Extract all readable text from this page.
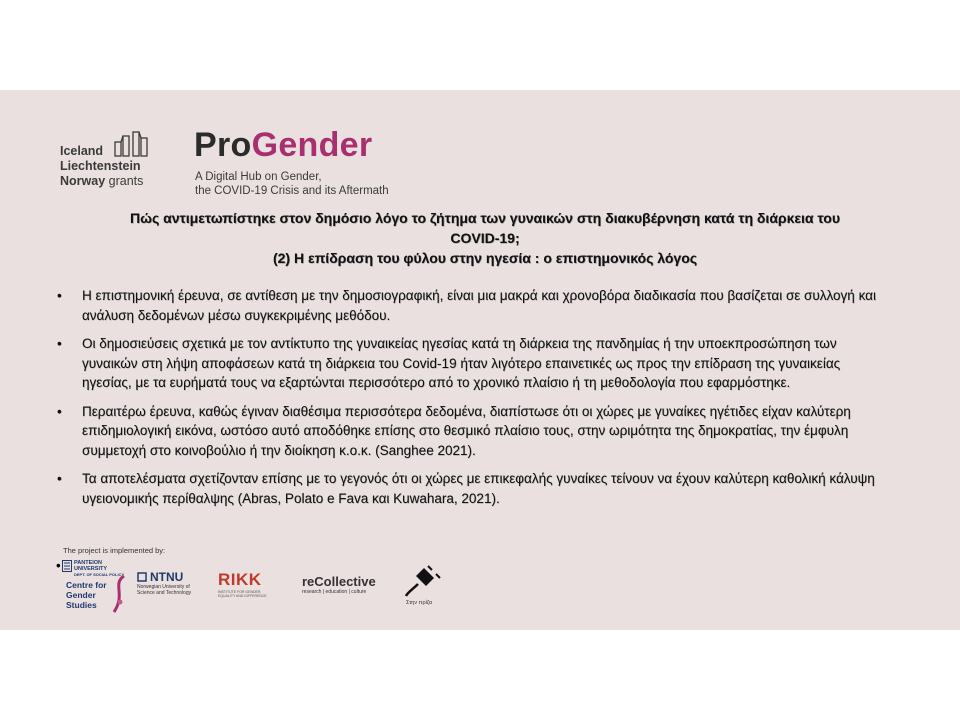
Iceland
Liechtenstein
Norway grants
ProGender
A Digital Hub on Gender,
the COVID-19 Crisis and its Aftermath
Πώς αντιμετωπίστηκε στον δημόσιο λόγο το ζήτημα των γυναικών στη διακυβέρνηση κατά τη διάρκεια του
COVID-19;
(2) Η επίδραση του φύλου στην ηγεσία : ο επιστημονικός λόγος
• Η επιστημονική έρευνα, σε αντίθεση με την δημοσιογραφική, είναι μια μακρά και χρονοβόρα διαδικασία που βασίζεται σε συλλογή και ανάλυση δεδομένων μέσω συγκεκριμένης μεθόδου.
• Οι δημοσιεύσεις σχετικά με τον αντίκτυπο της γυναικείας ηγεσίας κατά τη διάρκεια της πανδημίας ή την υποεκπροσώπηση των γυναικών στη λήψη αποφάσεων κατά τη διάρκεια του Covid-19 ήταν λιγότερο επαινετικές ως προς την επίδραση της γυναικείας ηγεσίας, με τα ευρήματά τους να εξαρτώνται περισσότερο από το χρονικό πλαίσιο ή τη μεθοδολογία που εφαρμόστηκε.
• Περαιτέρω έρευνα, καθώς έγιναν διαθέσιμα περισσότερα δεδομένα, διαπίστωσε ότι οι χώρες με γυναίκες ηγέτιδες είχαν καλύτερη επιδημιολογική εικόνα, ωστόσο αυτό αποδόθηκε επίσης στο θεσμικό πλαίσιο τους, στην ωριμότητα της δημοκρατίας, την έμφυλη συμμετοχή στο κοινοβούλιο ή την διοίκηση κ.ο.κ. (Sanghee 2021).
• Τα αποτελέσματα σχετίζονταν επίσης με το γεγονός ότι οι χώρες με επικεφαλής γυναίκες τείνουν να έχουν καλύτερη καθολική κάλυψη υγειονομικής περίθαλψης (Abras, Polato e Fava και Kuwahara, 2021).
The project is implemented by:
• PANTEION
UNIVERSITY
DEPT. OF SOCIAL POLICY
Centre for
Gender
Studies
NTNU
Norwegian University of
Science and Technology
RIKK
INSTITUTE FOR GENDER,
EQUALITY AND DIFFERENCE
reCollective
research | education | culture
Στην πρίζα
